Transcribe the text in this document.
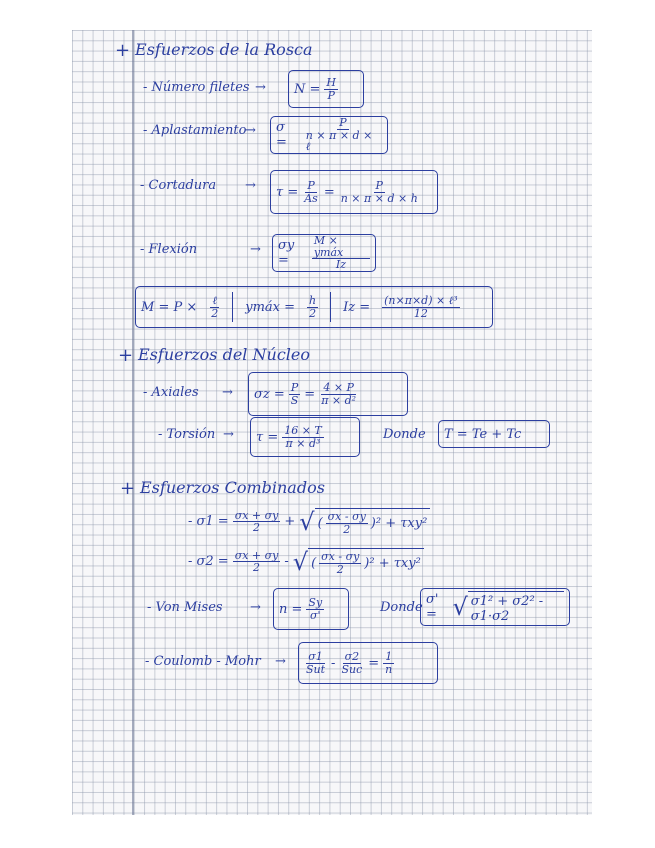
+ Esfuerzos de la Rosca
- Número filetes → $N = \frac{H}{P}$
- Aplastamiento
→ σ =	$\frac{P}{\text{n × π × d × ℓ}}$
- Cortadura → $\tau = \frac{P}{As} = \frac{P}{n \times \pi \times d \times h}$
- Flexión	→ σy =	$\frac{\text{M × ymáx}}{Iz}$
$M = P \times \frac{\text{ℓ}}{2}$ ymáx = $\frac{h}{2}$ $Iz = \frac{\text{(n×π×d) × ℓ³}}{12}$
+ Esfuerzos del Núcleo
- Axiales → $\sigma z = \frac{P}{S} = \frac{4 \times P}{\text{π × d²}}$
- Torsión → $\tau = \frac{16 \times T}{\text{π × d³}}$	Donde T = Te + Tc
+ Esfuerzos Combinados
- $\sigma 1 = \frac{\sigma x + \sigma y}{2}$ + √ ( $\frac{\sigma x - \sigma y}{2} )^2 + \tau xy^2$
- $\sigma 2 = \frac{\sigma x + \sigma y}{2}$ - √ ( $\frac{\sigma x - \sigma y}{2} )^2 + \tau xy^2$
- Von Mises → $n = \frac{Sy}{\sigma'}$	Donde
σ' = √ σ1² + σ2² - σ1·σ2
- Coulomb - Mohr → $\frac{\sigma 1}{\text{Sut}} - \frac{\sigma 2}{\text{Suc}} = \frac{1}{n}$
